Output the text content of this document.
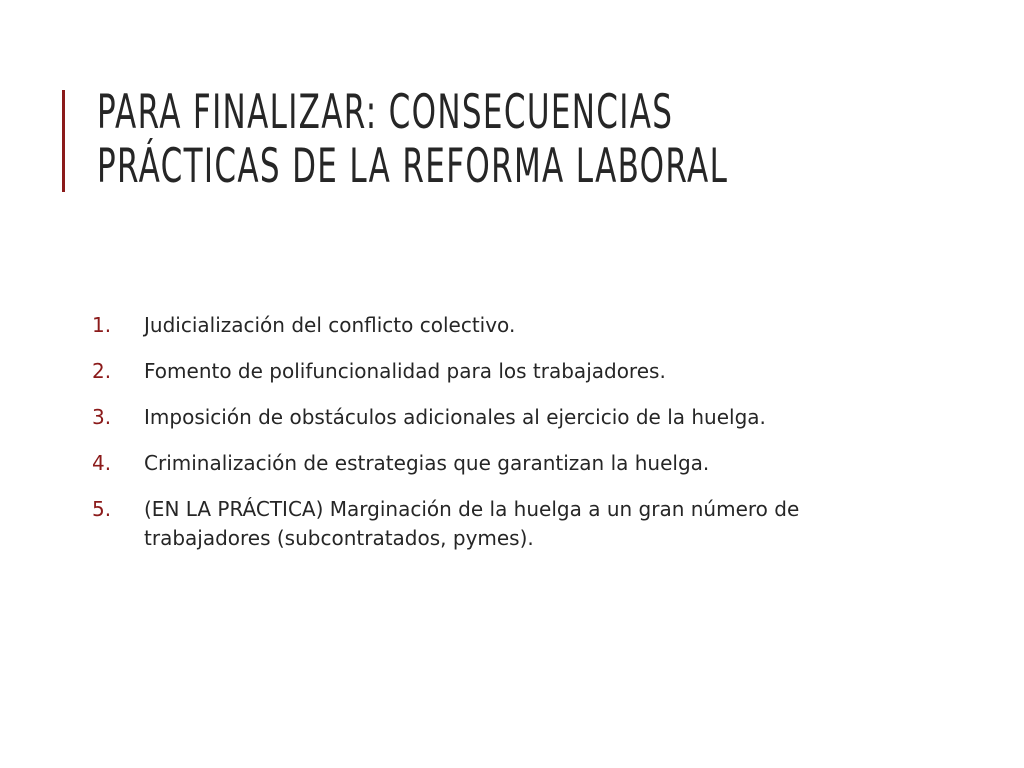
PARA FINALIZAR: CONSECUENCIAS
PRÁCTICAS DE LA REFORMA LABORAL
1. Judicialización del conflicto colectivo.
2. Fomento de polifuncionalidad para los trabajadores.
3. Imposición de obstáculos adicionales al ejercicio de la huelga.
4. Criminalización de estrategias que garantizan la huelga.
5. (EN LA PRÁCTICA) Marginación de la huelga a un gran número de trabajadores (subcontratados, pymes).
